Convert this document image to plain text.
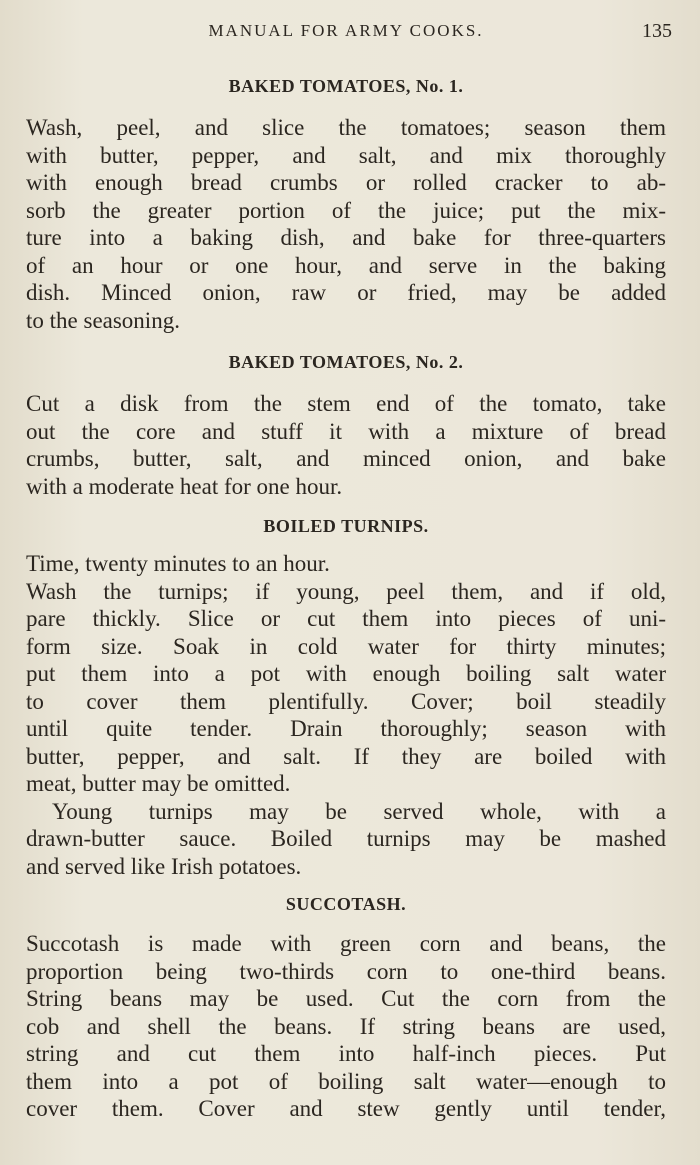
MANUAL FOR ARMY COOKS.	135
BAKED TOMATOES, No. 1.
Wash, peel, and slice the tomatoes; season them
with butter, pepper, and salt, and mix thoroughly
with enough bread crumbs or rolled cracker to ab-
sorb the greater portion of the juice; put the mix-
ture into a baking dish, and bake for three-quarters
of an hour or one hour, and serve in the baking
dish. Minced onion, raw or fried, may be added
to the seasoning.
BAKED TOMATOES, No. 2.
Cut a disk from the stem end of the tomato, take
out the core and stuff it with a mixture of bread
crumbs, butter, salt, and minced onion, and bake
with a moderate heat for one hour.
BOILED TURNIPS.
Time, twenty minutes to an hour.
Wash the turnips; if young, peel them, and if old,
pare thickly. Slice or cut them into pieces of uni-
form size. Soak in cold water for thirty minutes;
put them into a pot with enough boiling salt water
to cover them plentifully. Cover; boil steadily
until quite tender. Drain thoroughly; season with
butter, pepper, and salt. If they are boiled with
meat, butter may be omitted.
Young turnips may be served whole, with a
drawn-butter sauce. Boiled turnips may be mashed
and served like Irish potatoes.
SUCCOTASH.
Succotash is made with green corn and beans, the
proportion being two-thirds corn to one-third beans.
String beans may be used. Cut the corn from the
cob and shell the beans. If string beans are used,
string and cut them into half-inch pieces. Put
them into a pot of boiling salt water—enough to
cover them. Cover and stew gently until tender,
